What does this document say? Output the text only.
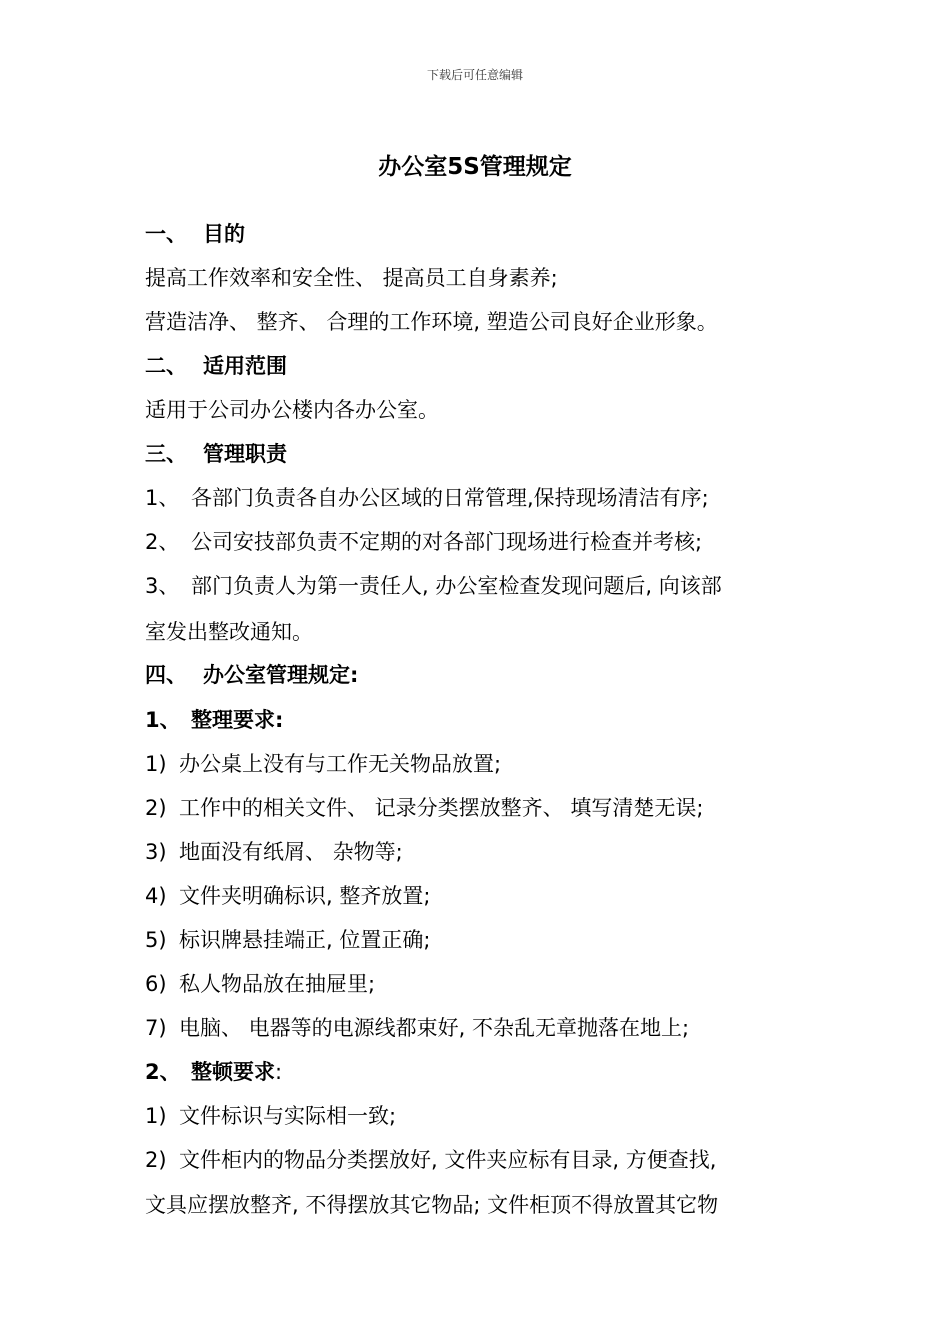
下载后可任意编辑
办公室5S管理规定
一、 目的
提高工作效率和安全性、 提高员工自身素养;
营造洁净、 整齐、 合理的工作环境, 塑造公司良好企业形象。
二、 适用范围
适用于公司办公楼内各办公室。
三、 管理职责
1、 各部门负责各自办公区域的日常管理,保持现场清洁有序;
2、 公司安技部负责不定期的对各部门现场进行检查并考核;
3、 部门负责人为第一责任人, 办公室检查发现问题后, 向该部
室发出整改通知。
四、 办公室管理规定:
1、 整理要求:
1) 办公桌上没有与工作无关物品放置;
2) 工作中的相关文件、 记录分类摆放整齐、 填写清楚无误;
3) 地面没有纸屑、 杂物等;
4) 文件夹明确标识, 整齐放置;
5) 标识牌悬挂端正, 位置正确;
6) 私人物品放在抽屉里;
7) 电脑、 电器等的电源线都束好, 不杂乱无章抛落在地上;
2、 整顿要求:
1) 文件标识与实际相一致;
2) 文件柜内的物品分类摆放好, 文件夹应标有目录, 方便查找,
文具应摆放整齐, 不得摆放其它物品; 文件柜顶不得放置其它物
